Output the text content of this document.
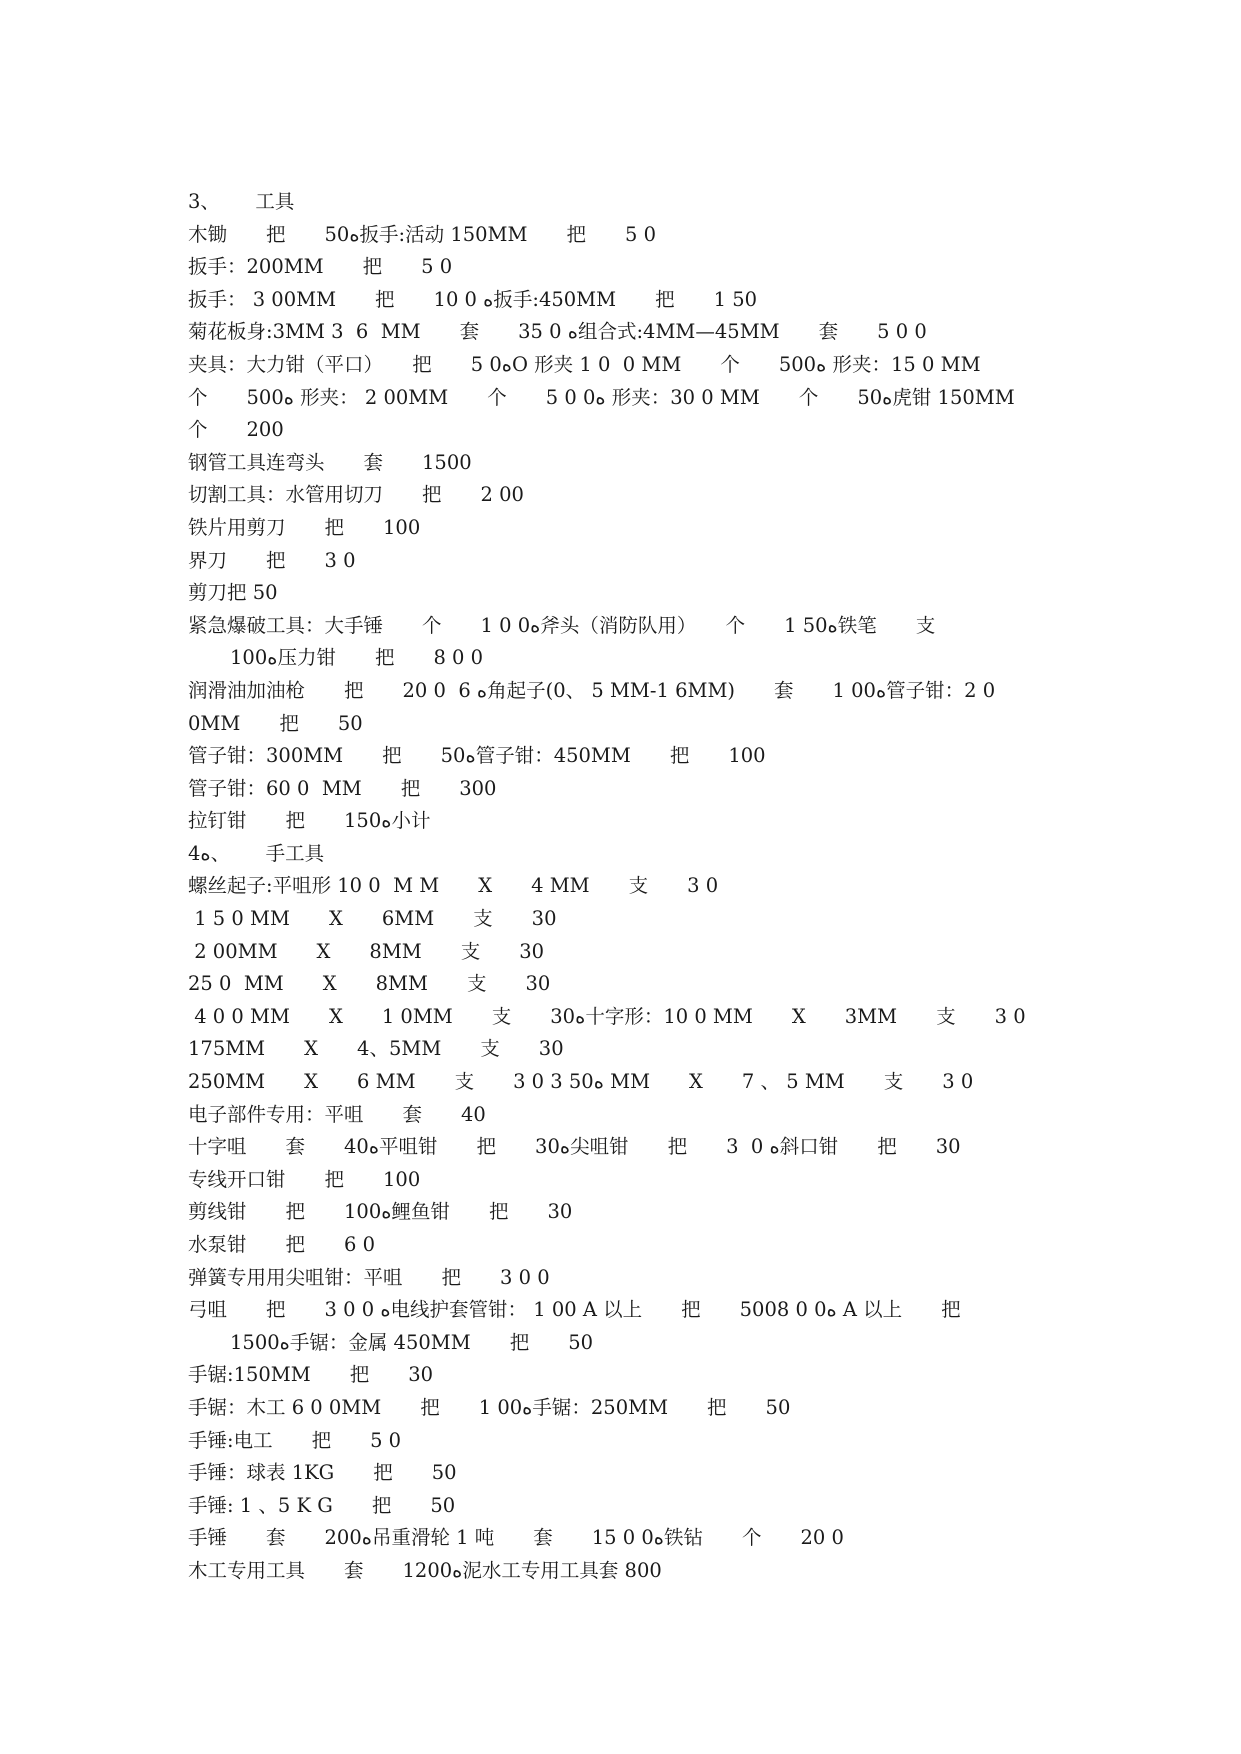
3、　　 工具
木锄　　把　　50ه扳手:活动 150MM　　把　　5 0
扳手：200MM　　把　　5 0
扳手： 3 00MM　　把　　10 0 ه扳手:450MM　　把　　1 50
菊花板身:3MM 3  6  MM　　套　　35 0 ه组合式:4MM—45MM　　套　　5 0 0
夹具：大力钳（平口）　　把　　5 0هO 形夹 1 0  0 MM　　个　　50ه0 形夹：15 0 MM
个　　50ه0 形夹： 2 00MM　　个　　5 0 ه0 形夹：30 0 MM　　个　　50ه虎钳 150MM
个　　200
钢管工具连弯头　　套　　1500
切割工具：水管用切刀　　把　　2 00
铁片用剪刀　　把　　100
界刀　　把　　3 0
剪刀把 50
紧急爆破工具：大手锤　　个　　1 0 0ه斧头（消防队用）　　个　　1 50ه铁笔　　支
100ه压力钳　　把　　8 0 0
润滑油加油枪　　把　　20 0  6 ه角起子(0、 5 MM-1 6MM)　　套　　1 00ه管子钳：2 0
0MM　　把　　50
管子钳：300MM　　把　　50ه管子钳：450MM　　把　　100
管子钳：60 0  MM　　把　　300
拉钉钳　　把　　150ه小计
4ه、　　 手工具
螺丝起子:平咀形 10 0  M M　　X　　4 MM　　支　　3 0
1 5 0 MM　　X　　6MM　　支　　30
2 00MM　　X　　8MM　　支　　30
25 0  MM　　X　　8MM　　支　　30
4 0 0 MM　　X　　1 0MM　　支　　30ه十字形：10 0 MM　　X　　3MM　　支　　3 0
175MM　　X　　4、5MM　　支　　30
250MM　　X　　6 MM　　支　　3 0 3 50ه MM　　X　　7 、 5 MM　　支　　3 0
电子部件专用：平咀　　套　　40
十字咀　　套　　40ه平咀钳　　把　　30ه尖咀钳　　把　　3  0 ه斜口钳　　把　　30
专线开口钳　　把　　100
剪线钳　　把　　100ه鲤鱼钳　　把　　30
水泵钳　　把　　6 0
弹簧专用用尖咀钳：平咀　　把　　3 0 0
弓咀　　把　　3 0 0 ه电线护套管钳： 1 00 A 以上　　把　　5008 0 0ه A 以上　　把
1500ه手锯：金属 450MM　　把　　50
手锯:150MM　　把　　30
手锯：木工 6 0 0MM　　把　　1 00ه手锯：250MM　　把　　50
手锤:电工　　把　　5 0
手锤：球表 1KG　　把　　50
手锤: 1 、5 K G　　把　　50
手锤　　套　　200ه吊重滑轮 1 吨　　套　　15 0 0ه铁钻　　个　　20 0
木工专用工具　　套　　1200ه泥水工专用工具套 800
